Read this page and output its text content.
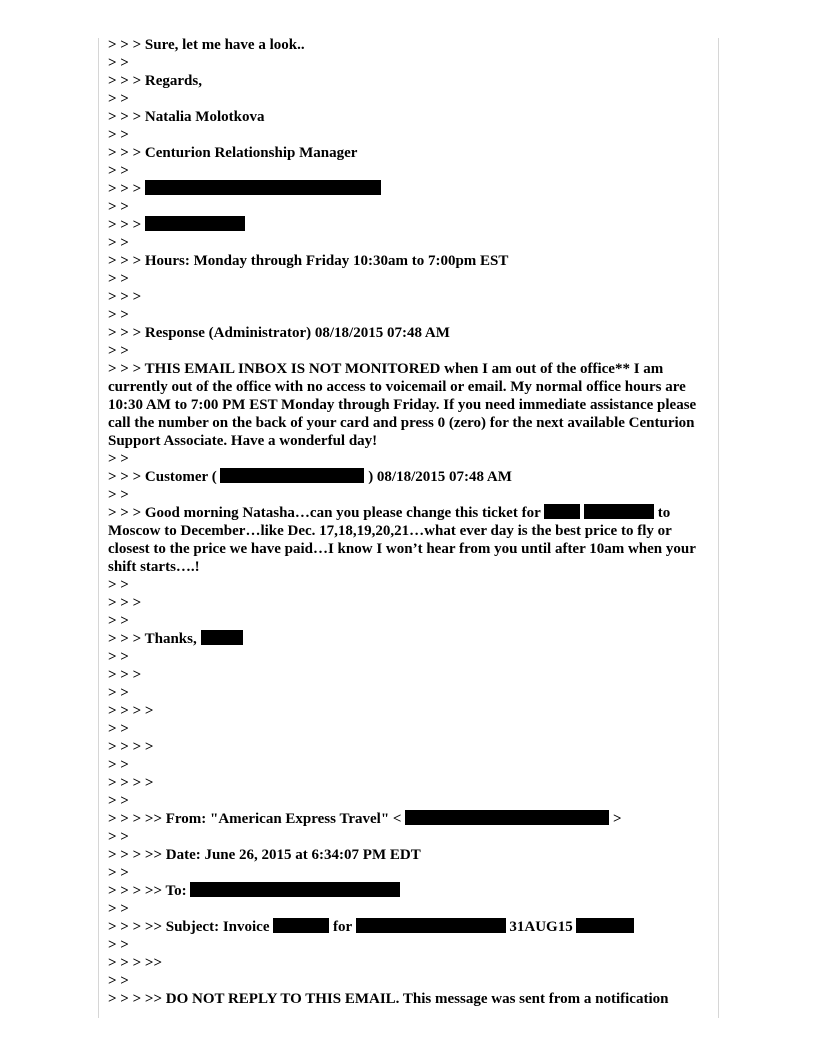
> > > Sure, let me have a look..
> >
> > > Regards,
> >
> > > Natalia Molotkova
> >
> > > Centurion Relationship Manager
> >
> > >
> >
> > >
> >
> > > Hours: Monday through Friday 10:30am to 7:00pm EST
> >
> > >
> >
> > > Response (Administrator) 08/18/2015 07:48 AM
> >
> > > THIS EMAIL INBOX IS NOT MONITORED when I am out of the office** I am currently out of the office with no access to voicemail or email. My normal office hours are 10:30 AM to 7:00 PM EST Monday through Friday. If you need immediate assistance please call the number on the back of your card and press 0 (zero) for the next available Centurion Support Associate. Have a wonderful day!
> >
> > > Customer (	) 08/18/2015 07:48 AM
> >
> > > Good morning Natasha…can you please change this ticket for	to Moscow to December…like Dec. 17,18,19,20,21…what ever day is the best price to fly or closest to the price we have paid…I know I won’t hear from you until after 10am when your shift starts….!
> >
> > >
> >
> > > Thanks,
> >
> > >
> >
> > > >
> >
> > > >
> >
> > > >
> >
> > > >> From: "American Express Travel" <	>
> >
> > > >> Date: June 26, 2015 at 6:34:07 PM EDT
> >
> > > >> To:
> >
> > > >> Subject: Invoice	for	31AUG15
> >
> > > >>
> >
> > > >> DO NOT REPLY TO THIS EMAIL. This message was sent from a notification
